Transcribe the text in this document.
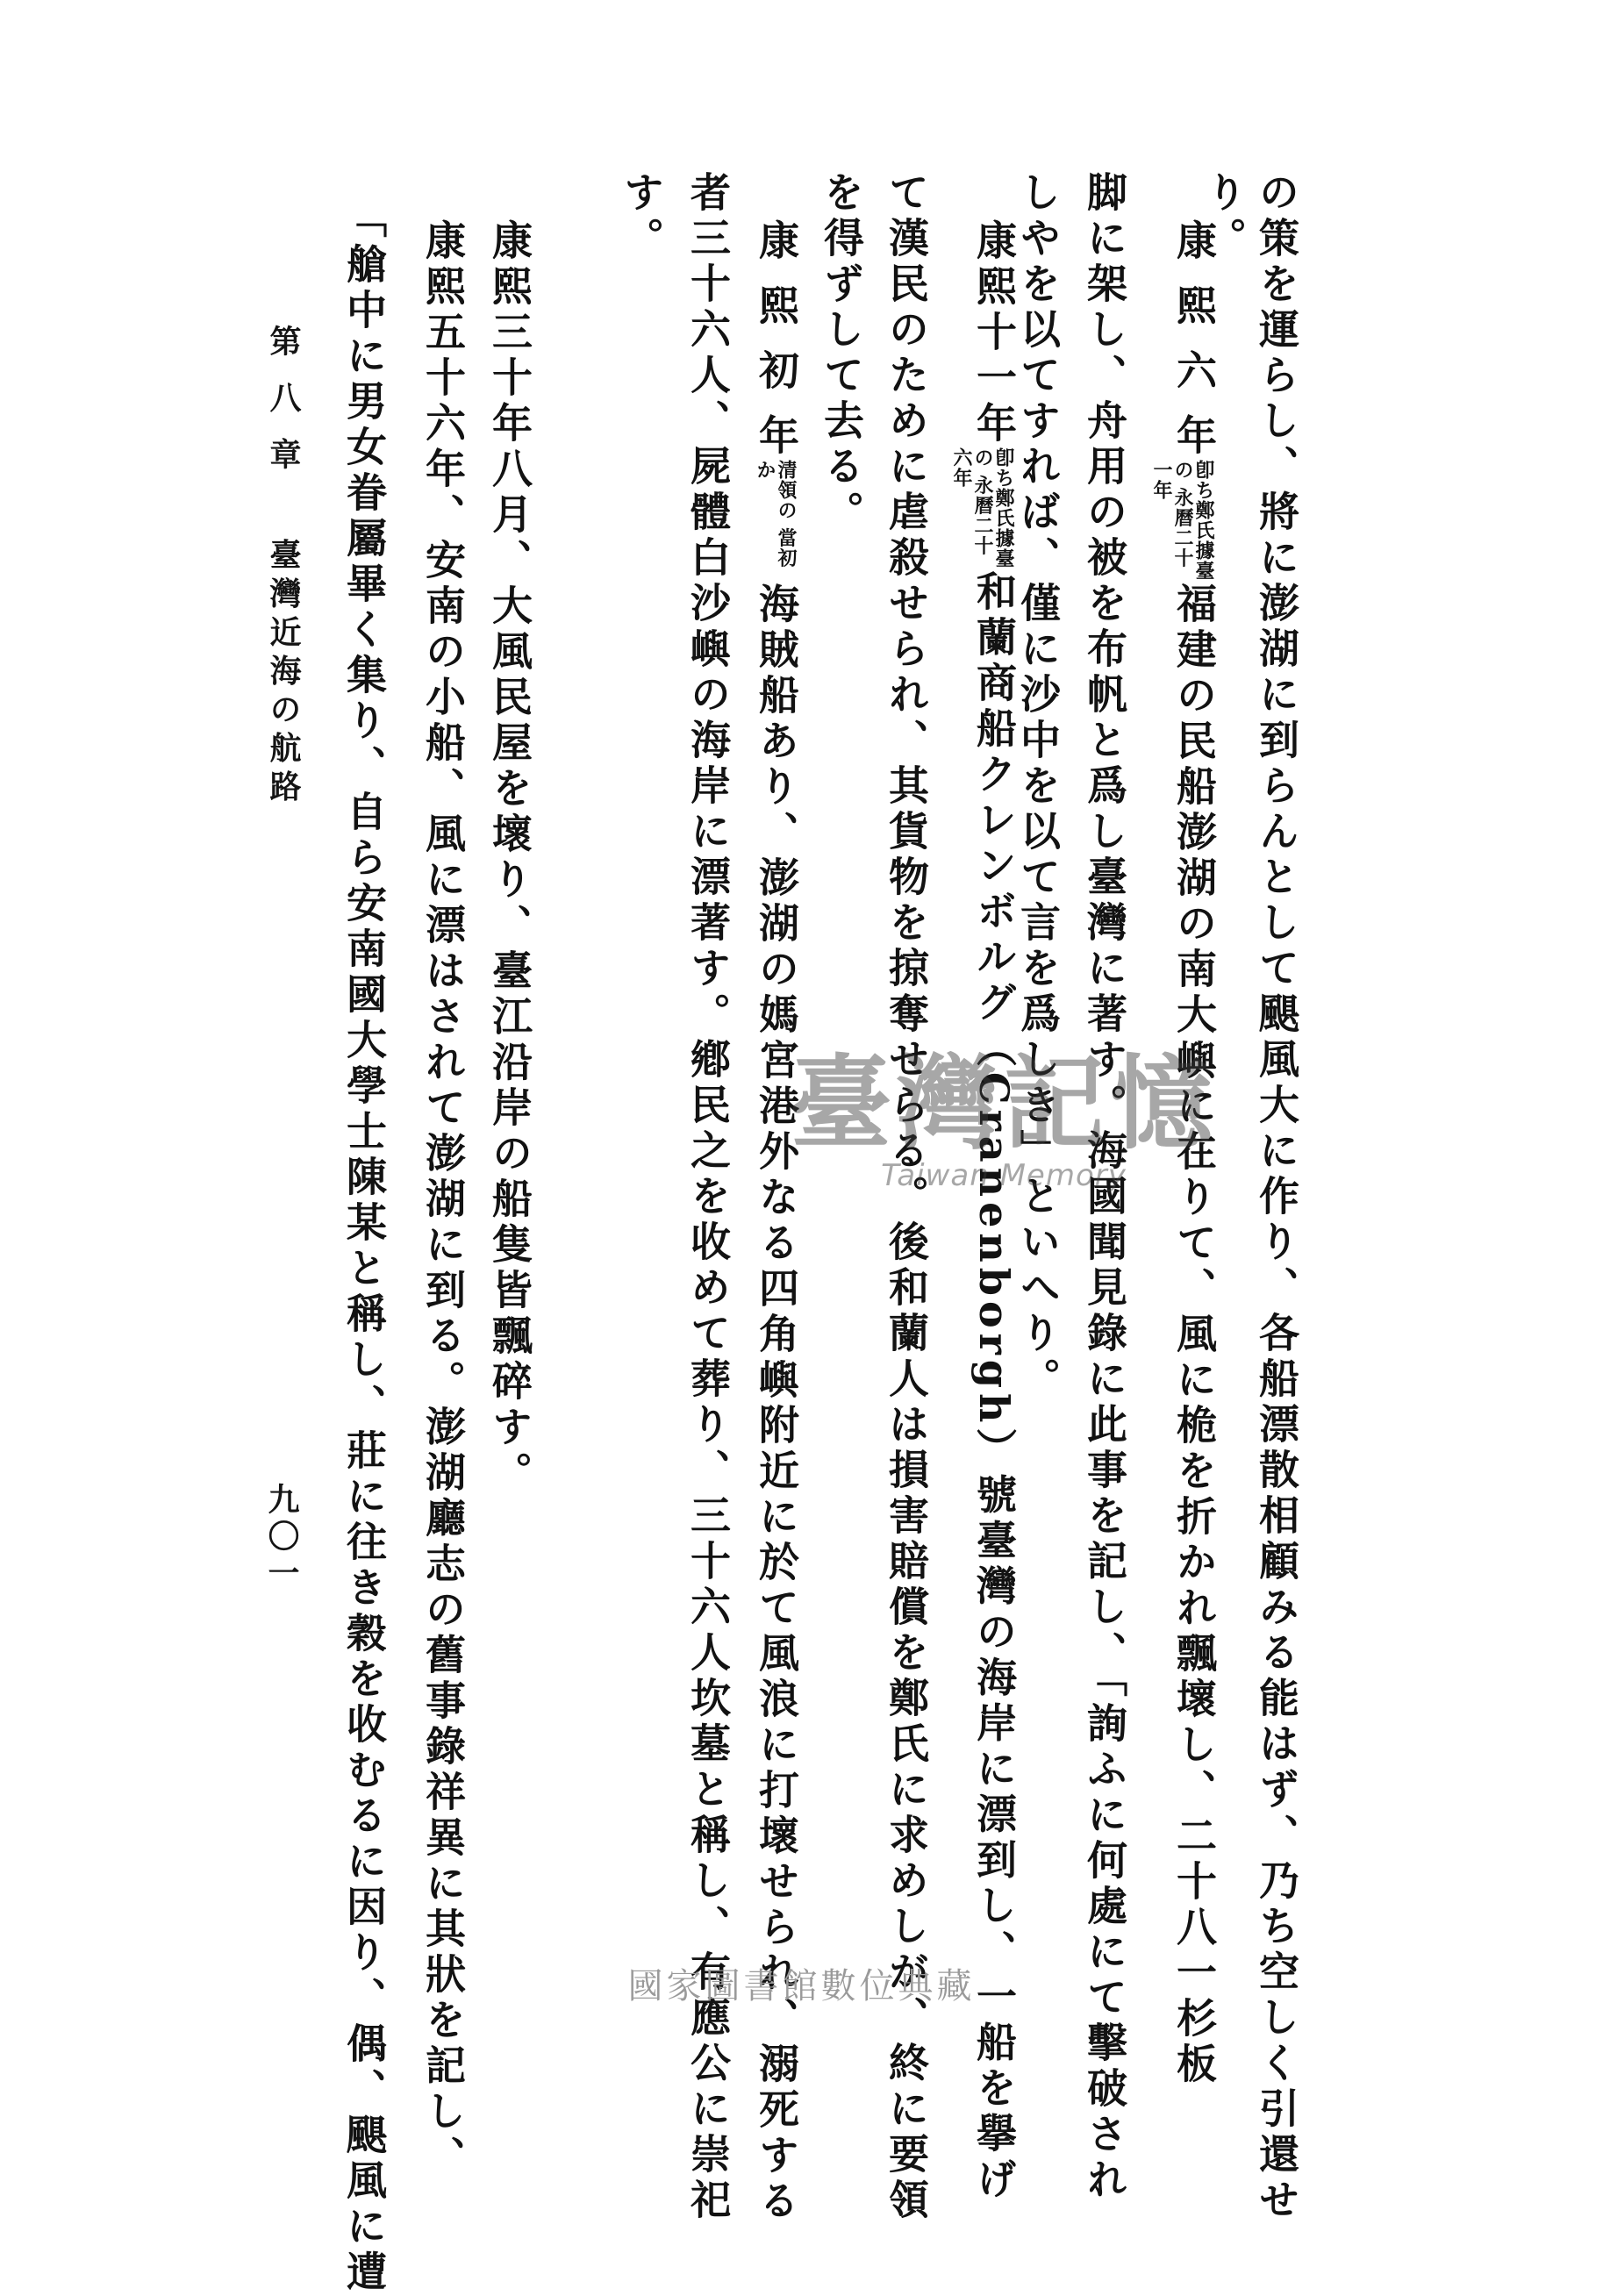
の策を運らし、將に澎湖に到らんとして颶風大に作り、各船漂散相顧みる能はず、乃ち空しく引還せ
り。
康 熙 六 年卽ち鄭氏據臺の 永曆二十一年福建の民船澎湖の南大嶼に在りて、風に桅を折かれ飄壞し、二十八一杉板
脚に架し、舟用の被を布帆と爲し臺灣に著す。海國聞見錄に此事を記し、「詢ふに何處にて擊破され
しやを以てすれば、僅に沙中を以て言を爲しき」といへり。
康熙十一年卽ち鄭氏據臺の 永曆二十六年和蘭商船クレンボルグ（Cranenborgh）號臺灣の海岸に漂到し、一船を擧げ
て漢民のために虐殺せられ、其貨物を掠奪せらる。後和蘭人は損害賠償を鄭氏に求めしが、終に要領
を得ずして去る。
康 熙 初 年清領の 當初か海賊船あり、澎湖の媽宮港外なる四角嶼附近に於て風浪に打壞せられ、溺死する
者三十六人、屍體白沙嶼の海岸に漂著す。鄕民之を收めて葬り、三十六人坎墓と稱し、有應公に崇祀
す。
康熙三十年八月、大風民屋を壞り、臺江沿岸の船隻皆飄碎す。
康熙五十六年、安南の小船、風に漂はされて澎湖に到る。澎湖廳志の舊事錄祥異に其狀を記し、
「艙中に男女眷屬畢く集り、自ら安南國大學士陳某と稱し、莊に往き穀を收むるに因り、偶、颶風に遭
第 八 章臺灣近海の航路
九〇一
臺灣記憶
Taiwan Memory
國家圖書館數位典藏
